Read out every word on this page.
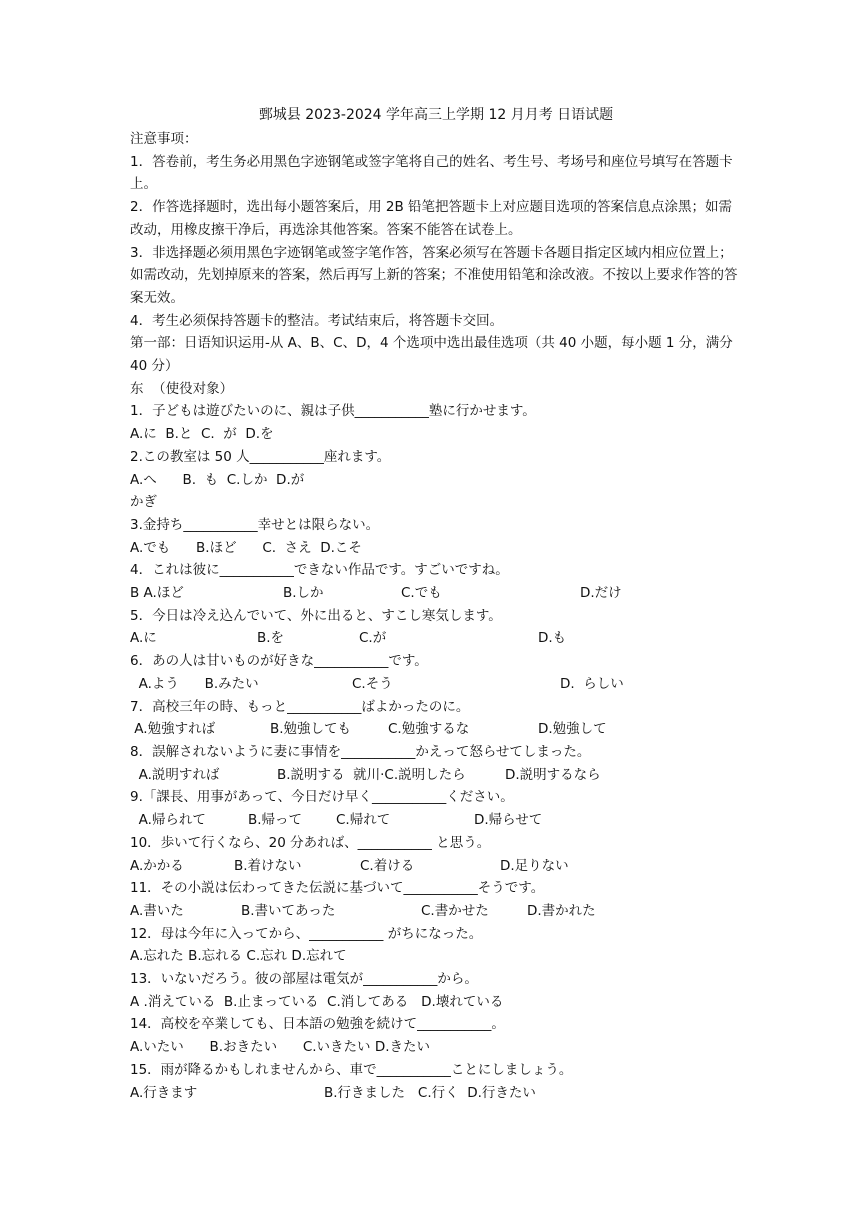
鄄城县 2023-2024 学年高三上学期 12 月月考 日语试题

注意事项：

1．答卷前，考生务必用黑色字迹钢笔或签字笔将自己的姓名、考生号、考场号和座位号填写在答题卡上。

2．作答选择题时，选出每小题答案后，用 2B 铅笔把答题卡上对应题目选项的答案信息点涂黑；如需改动，用橡皮擦干净后，再选涂其他答案。答案不能答在试卷上。

3．非选择题必须用黑色字迹钢笔或签字笔作答，答案必须写在答题卡各题目指定区域内相应位置上；如需改动，先划掉原来的答案，然后再写上新的答案；不准使用铅笔和涂改液。不按以上要求作答的答案无效。

4．考生必须保持答题卡的整洁。考试结束后，将答题卡交回。

第一部：日语知识运用-从 A、B、C、D，4 个选项中选出最佳选项（共 40 小题，每小题 1 分，满分 40 分）

东  （使役对象）

1．子どもは遊びたいのに、親は子供___________塾に行かせます。

A.に  B.と  C.  が  D.を

2.この教室は 50 人___________座れます。

A.へ      B.  も  C.しか  D.が

かぎ

3.金持ち___________幸せとは限らない。

A.でも      B.ほど      C.  さえ  D.こそ

4．これは彼に___________できない作品です。すごいですね。

B A.ほど	B.しか	C.でも	D.だけ

5．今日は冷え込んでいて、外に出ると、すこし寒気します。

A.に	B.を	C.が	D.も

6．あの人は甘いものが好きな___________です。

A.よう      B.みたい	C.そう	D.  らしい

7．高校三年の時、もっと___________ばよかったのに。

A.勉強すれば	B.勉強しても	C.勉強するな	D.勉強して

8．誤解されないように妻に事情を___________かえって怒らせてしまった。

A.説明すれば	B.説明する  就川·C.説明したら	D.説明するなら

9.「課長、用事があって、今日だけ早く___________ください。

A.帰られて	B.帰って	C.帰れて	D.帰らせて

10．歩いて行くなら、20 分あれば、___________ と思う。

A.かかる	B.着けない	C.着ける	D.足りない

11．その小説は伝わってきた伝説に基づいて___________そうです。

A.書いた	B.書いてあった	C.書かせた	D.書かれた

12．母は今年に入ってから、___________ がちになった。

A.忘れた B.忘れる C.忘れ D.忘れて

13．いないだろう。彼の部屋は電気が___________から。

A .消えている  B.止まっている  C.消してある   D.壊れている

14．高校を卒業しても、日本語の勉強を続けて___________。

A.いたい      B.おきたい      C.いきたい D.きたい

15．雨が降るかもしれませんから、車で___________ことにしましょう。

A.行きます	B.行きました   C.行く  D.行きたい
